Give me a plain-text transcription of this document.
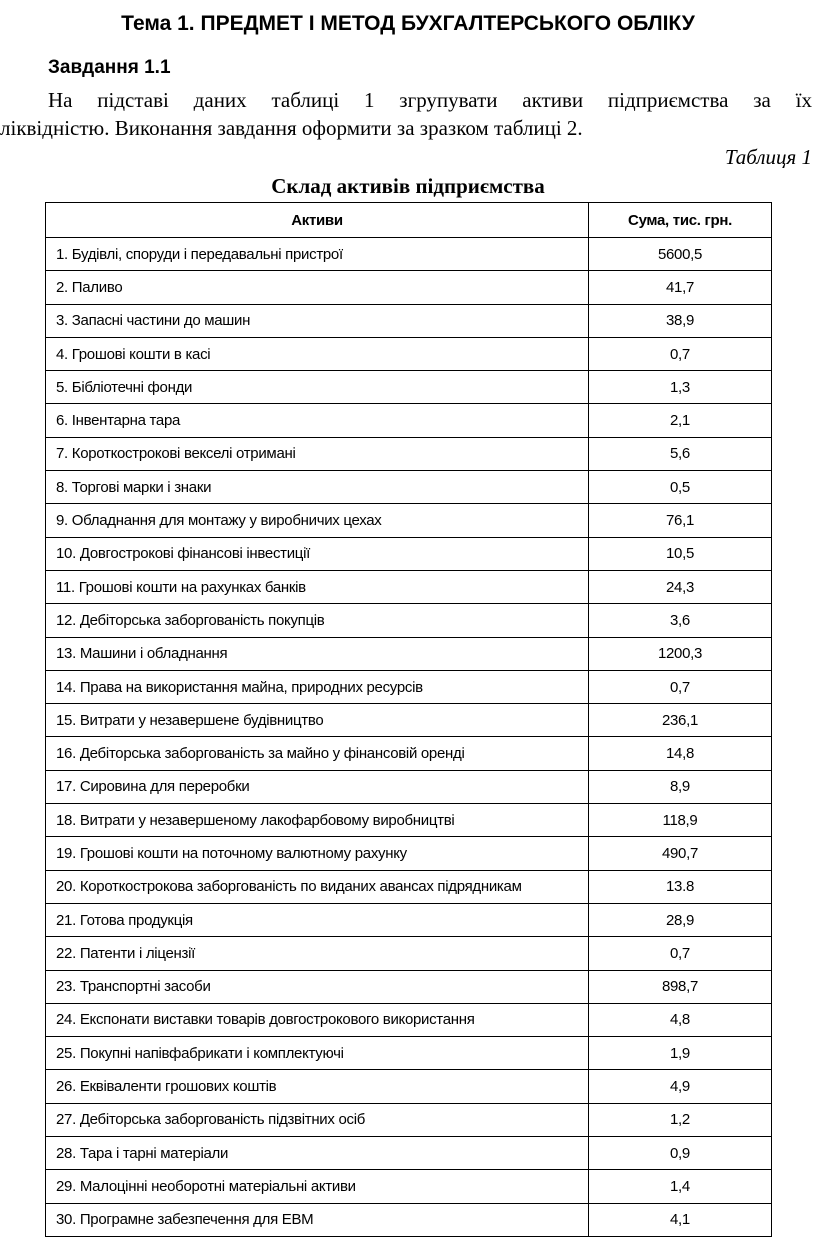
Тема 1. ПРЕДМЕТ І МЕТОД БУХГАЛТЕРСЬКОГО ОБЛІКУ
Завдання 1.1

На підставі даних таблиці 1 згрупувати активи підприємства за їх
ліквідністю. Виконання завдання оформити за зразком таблиці 2.

Таблиця 1

Склад активів підприємства

Активи	Сума, тис. грн.
1. Будівлі, споруди і передавальні пристрої	5600,5
2. Паливо	41,7
3. Запасні частини до машин	38,9
4. Грошові кошти в касі	0,7
5. Бібліотечні фонди	1,3
6. Інвентарна тара	2,1
7. Короткострокові векселі отримані	5,6
8. Торгові марки і знаки	0,5
9. Обладнання для монтажу у виробничих цехах	76,1
10. Довгострокові фінансові інвестиції	10,5
11. Грошові кошти на рахунках банків	24,3
12. Дебіторська заборгованість покупців	3,6
13. Машини і обладнання	1200,3
14. Права на використання майна, природних ресурсів	0,7
15. Витрати у незавершене будівництво	236,1
16. Дебіторська заборгованість за майно у фінансовій оренді	14,8
17. Сировина для переробки	8,9
18. Витрати у незавершеному лакофарбовому виробництві	118,9
19. Грошові кошти на поточному валютному рахунку	490,7
20. Короткострокова заборгованість по виданих авансах підрядникам	13.8
21. Готова продукція	28,9
22. Патенти і ліцензії	0,7
23. Транспортні засоби	898,7
24. Експонати виставки товарів довгострокового використання	4,8
25. Покупні напівфабрикати і комплектуючі	1,9
26. Еквіваленти грошових коштів	4,9
27. Дебіторська заборгованість підзвітних осіб	1,2
28. Тара і тарні матеріали	0,9
29. Малоцінні необоротні матеріальні активи	1,4
30. Програмне забезпечення для ЕВМ	4,1
